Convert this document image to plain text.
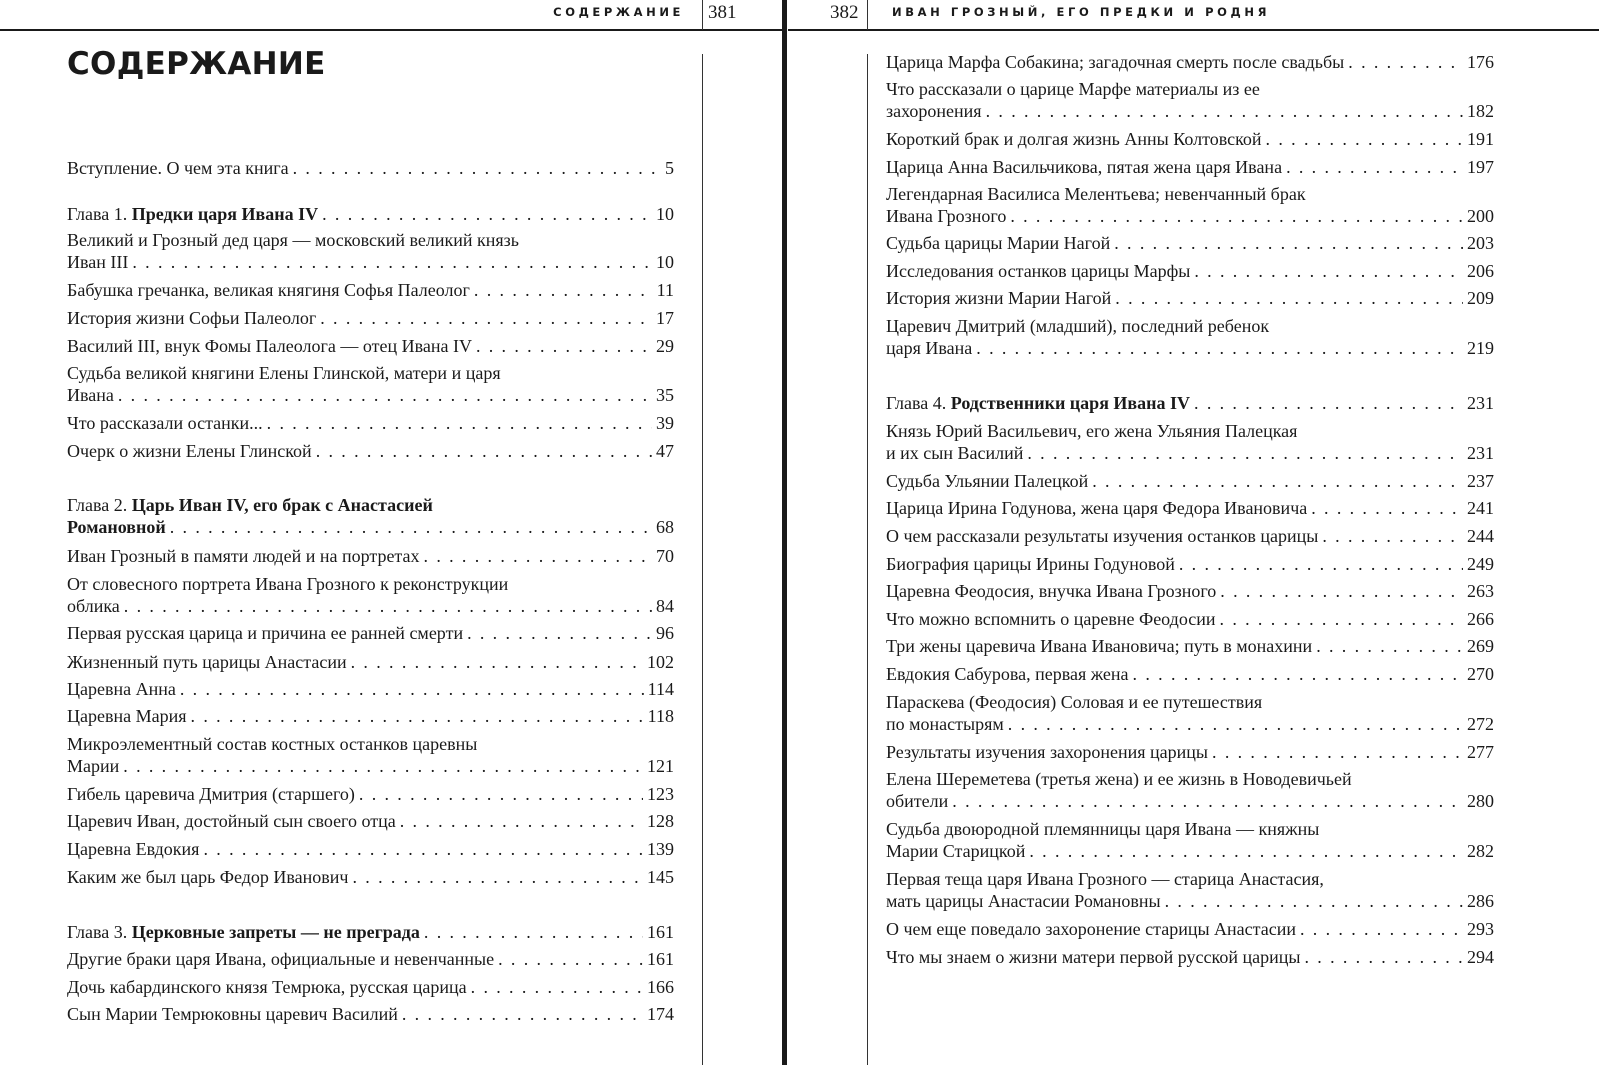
СОДЕРЖАНИЕ 381	382	ИВАН ГРОЗНЫЙ, ЕГО ПРЕДКИ И РОДНЯ
СОДЕРЖАНИЕ
Вступление. О чем эта книга . . .	5
Глава 1. Предки царя Ивана IV . . .	10
Великий и Грозный дед царя — московский великий князь
Иван III . . .	10
Бабушка гречанка, великая княгиня Софья Палеолог . . .	11
История жизни Софьи Палеолог . . .	17
Василий III, внук Фомы Палеолога — отец Ивана IV . . .	29
Судьба великой княгини Елены Глинской, матери и царя
Ивана . . .	35
Что рассказали останки... . . .	39
Очерк о жизни Елены Глинской . . .	47
Глава 2. Царь Иван IV, его брак с Анастасией
Романовной . . .	68
Иван Грозный в памяти людей и на портретах . . .	70
От словесного портрета Ивана Грозного к реконструкции
облика . . .	84
Первая русская царица и причина ее ранней смерти . . .	96
Жизненный путь царицы Анастасии . . .	102
Царевна Анна . . .	114
Царевна Мария . . .	118
Микроэлементный состав костных останков царевны
Марии . . .	121
Гибель царевича Дмитрия (старшего) . . .	123
Царевич Иван, достойный сын своего отца . . .	128
Царевна Евдокия . . .	139
Каким же был царь Федор Иванович . . .	145
Глава 3. Церковные запреты — не преграда . . .	161
Другие браки царя Ивана, официальные и невенчанные . . .	161
Дочь кабардинского князя Темрюка, русская царица . . .	166
Сын Марии Темрюковны царевич Василий . . .	174
Царица Марфа Собакина; загадочная смерть после свадьбы . . .	176
Что рассказали о царице Марфе материалы из ее
захоронения . . .	182
Короткий брак и долгая жизнь Анны Колтовской . . .	191
Царица Анна Васильчикова, пятая жена царя Ивана . . .	197
Легендарная Василиса Мелентьева; невенчанный брак
Ивана Грозного . . .	200
Судьба царицы Марии Нагой . . .	203
Исследования останков царицы Марфы . . .	206
История жизни Марии Нагой . . .	209
Царевич Дмитрий (младший), последний ребенок
царя Ивана . . .	219
Глава 4. Родственники царя Ивана IV . . .	231
Князь Юрий Васильевич, его жена Ульяния Палецкая
и их сын Василий . . .	231
Судьба Ульянии Палецкой . . .	237
Царица Ирина Годунова, жена царя Федора Ивановича . . .	241
О чем рассказали результаты изучения останков царицы . . .	244
Биография царицы Ирины Годуновой . . .	249
Царевна Феодосия, внучка Ивана Грозного . . .	263
Что можно вспомнить о царевне Феодосии . . .	266
Три жены царевича Ивана Ивановича; путь в монахини . . .	269
Евдокия Сабурова, первая жена . . .	270
Параскева (Феодосия) Соловая и ее путешествия
по монастырям . . .	272
Результаты изучения захоронения царицы . . .	277
Елена Шереметева (третья жена) и ее жизнь в Новодевичьей
обители . . .	280
Судьба двоюродной племянницы царя Ивана — княжны
Марии Старицкой . . .	282
Первая теща царя Ивана Грозного — старица Анастасия,
мать царицы Анастасии Романовны . . .	286
О чем еще поведало захоронение старицы Анастасии . . .	293
Что мы знаем о жизни матери первой русской царицы . . .	294
